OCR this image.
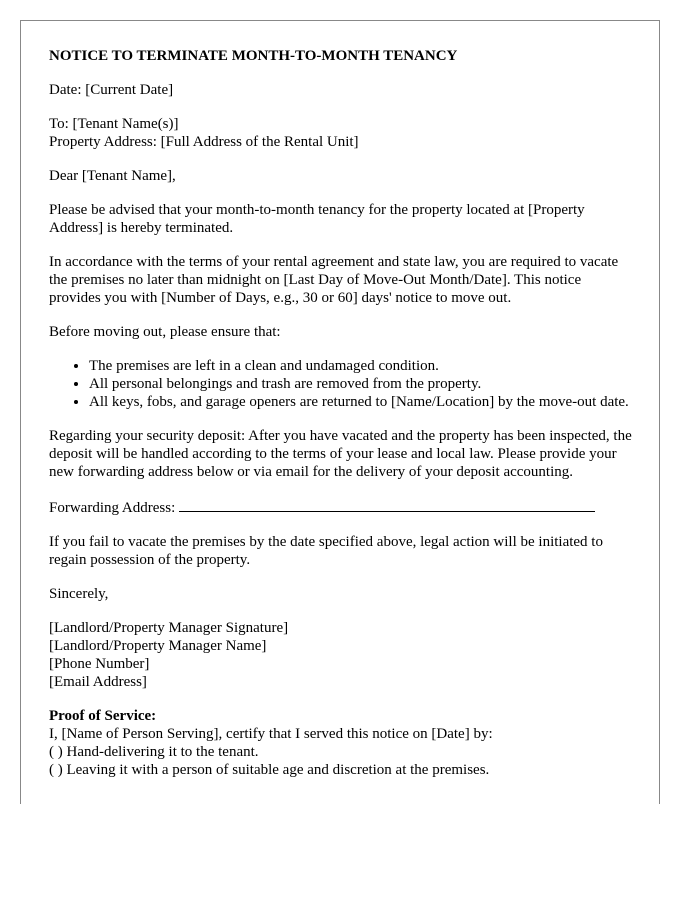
NOTICE TO TERMINATE MONTH-TO-MONTH TENANCY

Date: [Current Date]

To: [Tenant Name(s)]
Property Address: [Full Address of the Rental Unit]

Dear [Tenant Name],

Please be advised that your month-to-month tenancy for the property located at [Property Address] is hereby terminated.

In accordance with the terms of your rental agreement and state law, you are required to vacate the premises no later than midnight on [Last Day of Move-Out Month/Date]. This notice provides you with [Number of Days, e.g., 30 or 60] days' notice to move out.

Before moving out, please ensure that:

• The premises are left in a clean and undamaged condition.
• All personal belongings and trash are removed from the property.
• All keys, fobs, and garage openers are returned to [Name/Location] by the move-out date.

Regarding your security deposit: After you have vacated and the property has been inspected, the deposit will be handled according to the terms of your lease and local law. Please provide your new forwarding address below or via email for the delivery of your deposit accounting.

Forwarding Address:

If you fail to vacate the premises by the date specified above, legal action will be initiated to regain possession of the property.

Sincerely,

[Landlord/Property Manager Signature]
[Landlord/Property Manager Name]
[Phone Number]
[Email Address]

Proof of Service:
I, [Name of Person Serving], certify that I served this notice on [Date] by:
( ) Hand-delivering it to the tenant.
( ) Leaving it with a person of suitable age and discretion at the premises.
